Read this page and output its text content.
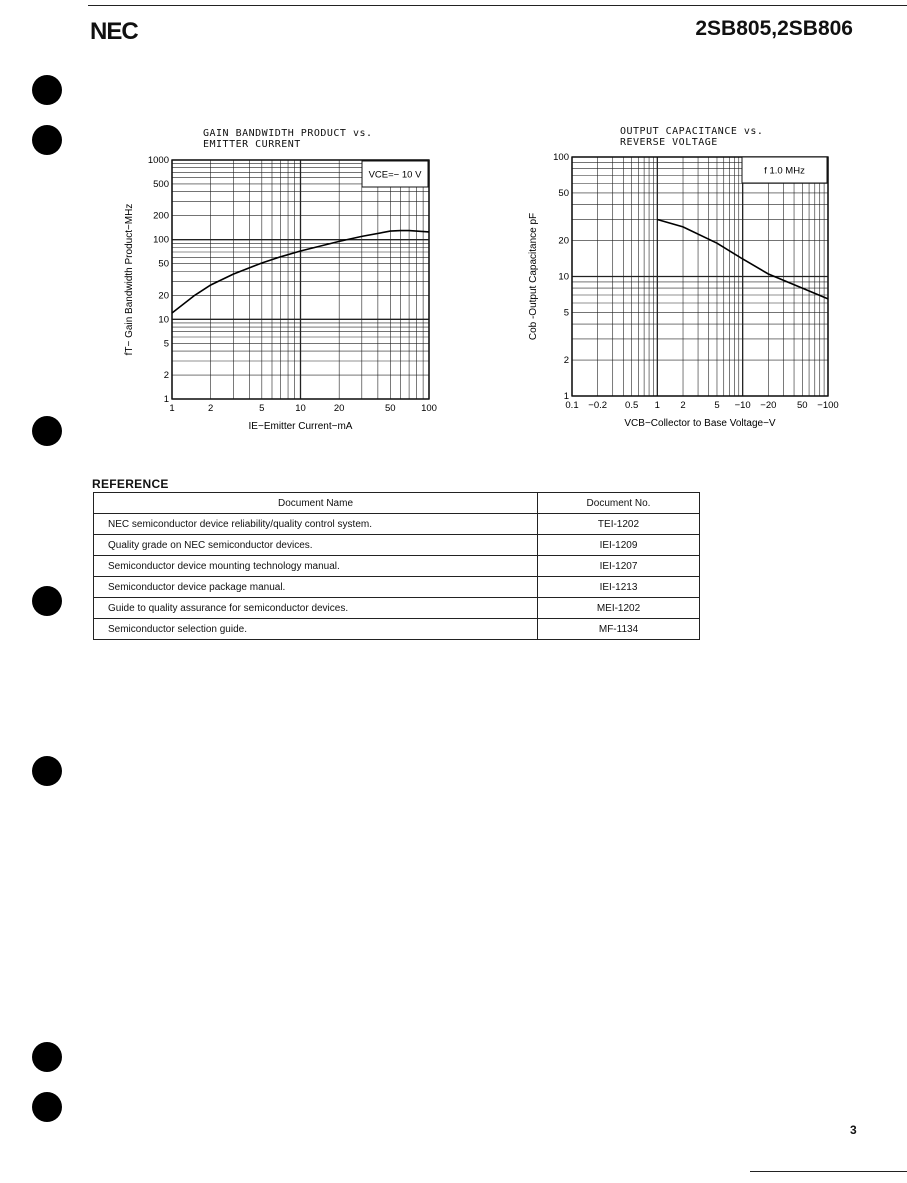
NEC	2SB805,2SB806
GAIN BANDWIDTH PRODUCT vs. EMITTER CURRENT
1	2	5	10	20	50	100
1
2
5
10
20
50
100
200
500
1000
VCE=− 10 V
IE−Emitter Current−mA
fT− Gain Bandwidth Product−MHz
OUTPUT CAPACITANCE vs. REVERSE VOLTAGE
0.1 −0.2 0.5 1 2	5 −10 −20 50 −100
1
2
5
10
20
50
100
f 1.0 MHz
VCB−Collector to Base Voltage−V
Cob -Output Capacitance pF
REFERENCE
Document Name	Document No.
NEC semiconductor device reliability/quality control system.	TEI-1202
Quality grade on NEC semiconductor devices.	IEI-1209
Semiconductor device mounting technology manual.	IEI-1207
Semiconductor device package manual.	IEI-1213
Guide to quality assurance for semiconductor devices.	MEI-1202
Semiconductor selection guide.	MF-1134
3
